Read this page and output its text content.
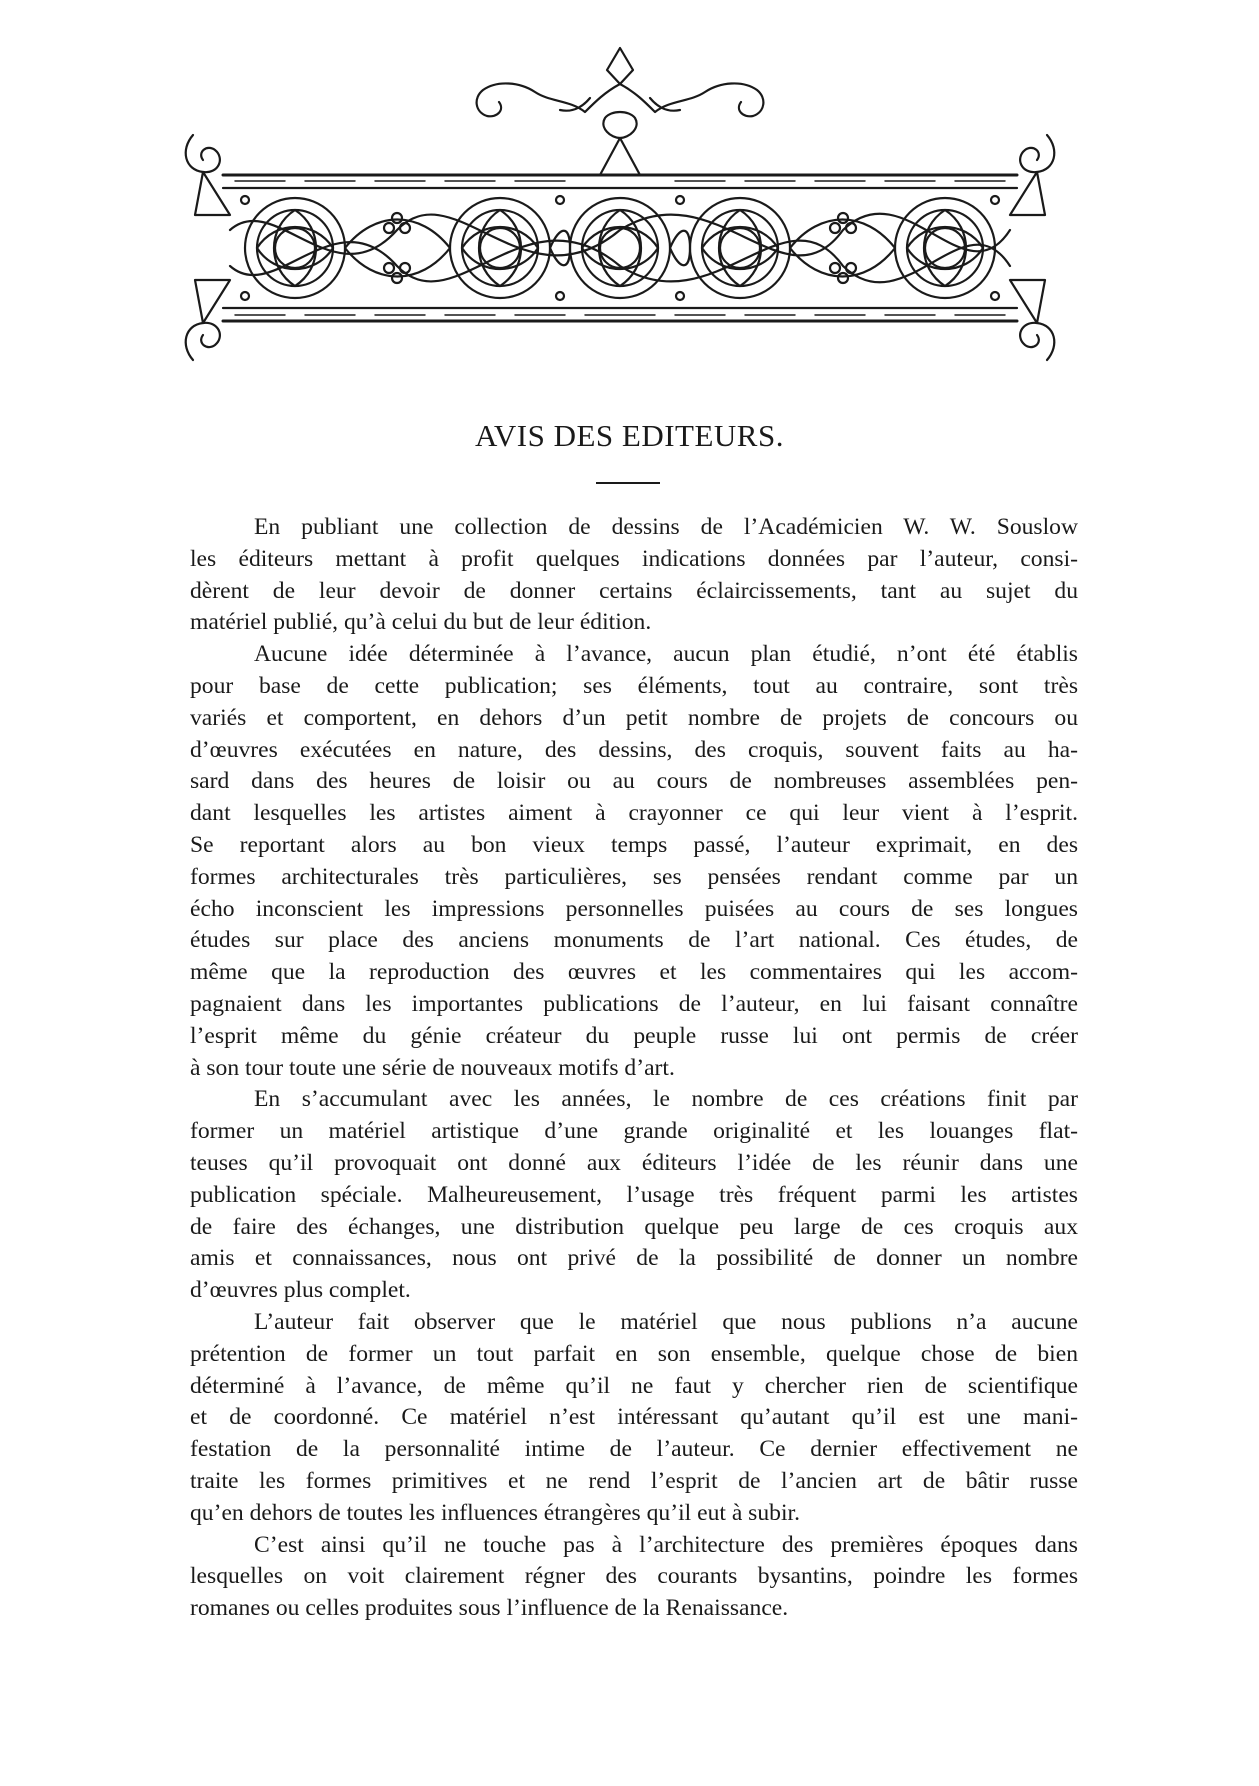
AVIS DES EDITEURS.

En publiant une collection de dessins de l’Académicien W. W. Souslow
les éditeurs mettant à profit quelques indications données par l’auteur, consi-
dèrent de leur devoir de donner certains éclaircissements, tant au sujet du
matériel publié, qu’à celui du but de leur édition.

Aucune idée déterminée à l’avance, aucun plan étudié, n’ont été établis
pour base de cette publication; ses éléments, tout au contraire, sont très
variés et comportent, en dehors d’un petit nombre de projets de concours ou
d’œuvres exécutées en nature, des dessins, des croquis, souvent faits au ha-
sard dans des heures de loisir ou au cours de nombreuses assemblées pen-
dant lesquelles les artistes aiment à crayonner ce qui leur vient à l’esprit.
Se reportant alors au bon vieux temps passé, l’auteur exprimait, en des
formes architecturales très particulières, ses pensées rendant comme par un
écho inconscient les impressions personnelles puisées au cours de ses longues
études sur place des anciens monuments de l’art national. Ces études, de
même que la reproduction des œuvres et les commentaires qui les accom-
pagnaient dans les importantes publications de l’auteur, en lui faisant connaître
l’esprit même du génie créateur du peuple russe lui ont permis de créer
à son tour toute une série de nouveaux motifs d’art.

En s’accumulant avec les années, le nombre de ces créations finit par
former un matériel artistique d’une grande originalité et les louanges flat-
teuses qu’il provoquait ont donné aux éditeurs l’idée de les réunir dans une
publication spéciale. Malheureusement, l’usage très fréquent parmi les artistes
de faire des échanges, une distribution quelque peu large de ces croquis aux
amis et connaissances, nous ont privé de la possibilité de donner un nombre
d’œuvres plus complet.

L’auteur fait observer que le matériel que nous publions n’a aucune
prétention de former un tout parfait en son ensemble, quelque chose de bien
déterminé à l’avance, de même qu’il ne faut y chercher rien de scientifique
et de coordonné. Ce matériel n’est intéressant qu’autant qu’il est une mani-
festation de la personnalité intime de l’auteur. Ce dernier effectivement ne
traite les formes primitives et ne rend l’esprit de l’ancien art de bâtir russe
qu’en dehors de toutes les influences étrangères qu’il eut à subir.

C’est ainsi qu’il ne touche pas à l’architecture des premières époques dans
lesquelles on voit clairement régner des courants bysantins, poindre les formes
romanes ou celles produites sous l’influence de la Renaissance.
